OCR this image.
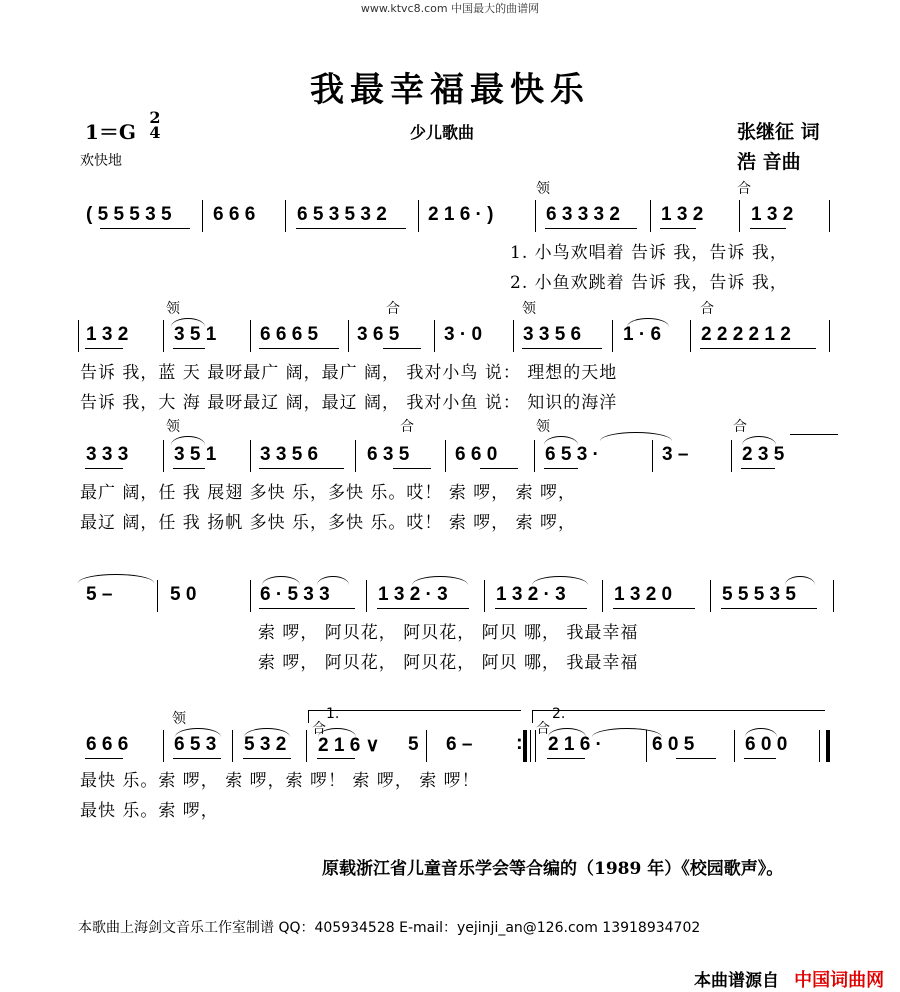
www.ktvc8.com 中国最大的曲谱网
我最幸福最快乐
1＝G
2
4
欢快地
少儿歌曲	张继征 词
浩 音曲
领	合
( 5 5 5 3 5 6 6 6 6 5 3 5 3 2 2 1 6 · )	6 3 3 3 2 1 3 2	1 3 2
1. 小鸟欢唱着 告诉 我，告诉 我，
2. 小鱼欢跳着 告诉 我，告诉 我，
领	合	领	合
1 3 2 3 5 1 6 6 6 5 3 6 5 3 · 0 3 3 5 6 1 · 6 2 2 2 2 1 2
告诉 我，蓝 天 最呀最广 阔，最广 阔， 我对小鸟 说： 理想的天地
告诉 我，大 海 最呀最辽 阔，最辽 阔， 我对小鱼 说： 知识的海洋
领	合	领	合
3 3 3 3 5 1 3 3 5 6	6 3 5 6 6 0	6 5 3 ·	3 –	2 3 5
最广 阔，任 我 展翅 多快 乐，多快 乐。哎！ 索 啰， 索 啰，
最辽 阔，任 我 扬帆 多快 乐，多快 乐。哎！ 索 啰， 索 啰，
5 –	5 0	6 · 5 3 3	1 3 2 · 3	1 3 2 · 3	1 3 2 0	5 5 5 3 5
索 啰， 阿贝花， 阿贝花， 阿贝 哪， 我最幸福
索 啰， 阿贝花， 阿贝花， 阿贝 哪， 我最幸福
领	1.
合
2.
合
6 6 6 6 5 3 5 3 2 2 1 6 ∨ 5 6 – : 2 1 6 ·	6 0 5	6 0 0
最快 乐。索 啰， 索 啰，索 啰！ 索 啰， 索 啰！
最快 乐。索 啰，
原载浙江省儿童音乐学会等合编的（1989 年）《校园歌声》。
本歌曲上海剑文音乐工作室制谱 QQ：405934528 E-mail：yejinji_an@126.com 13918934702
本曲谱源自 中国词曲网
